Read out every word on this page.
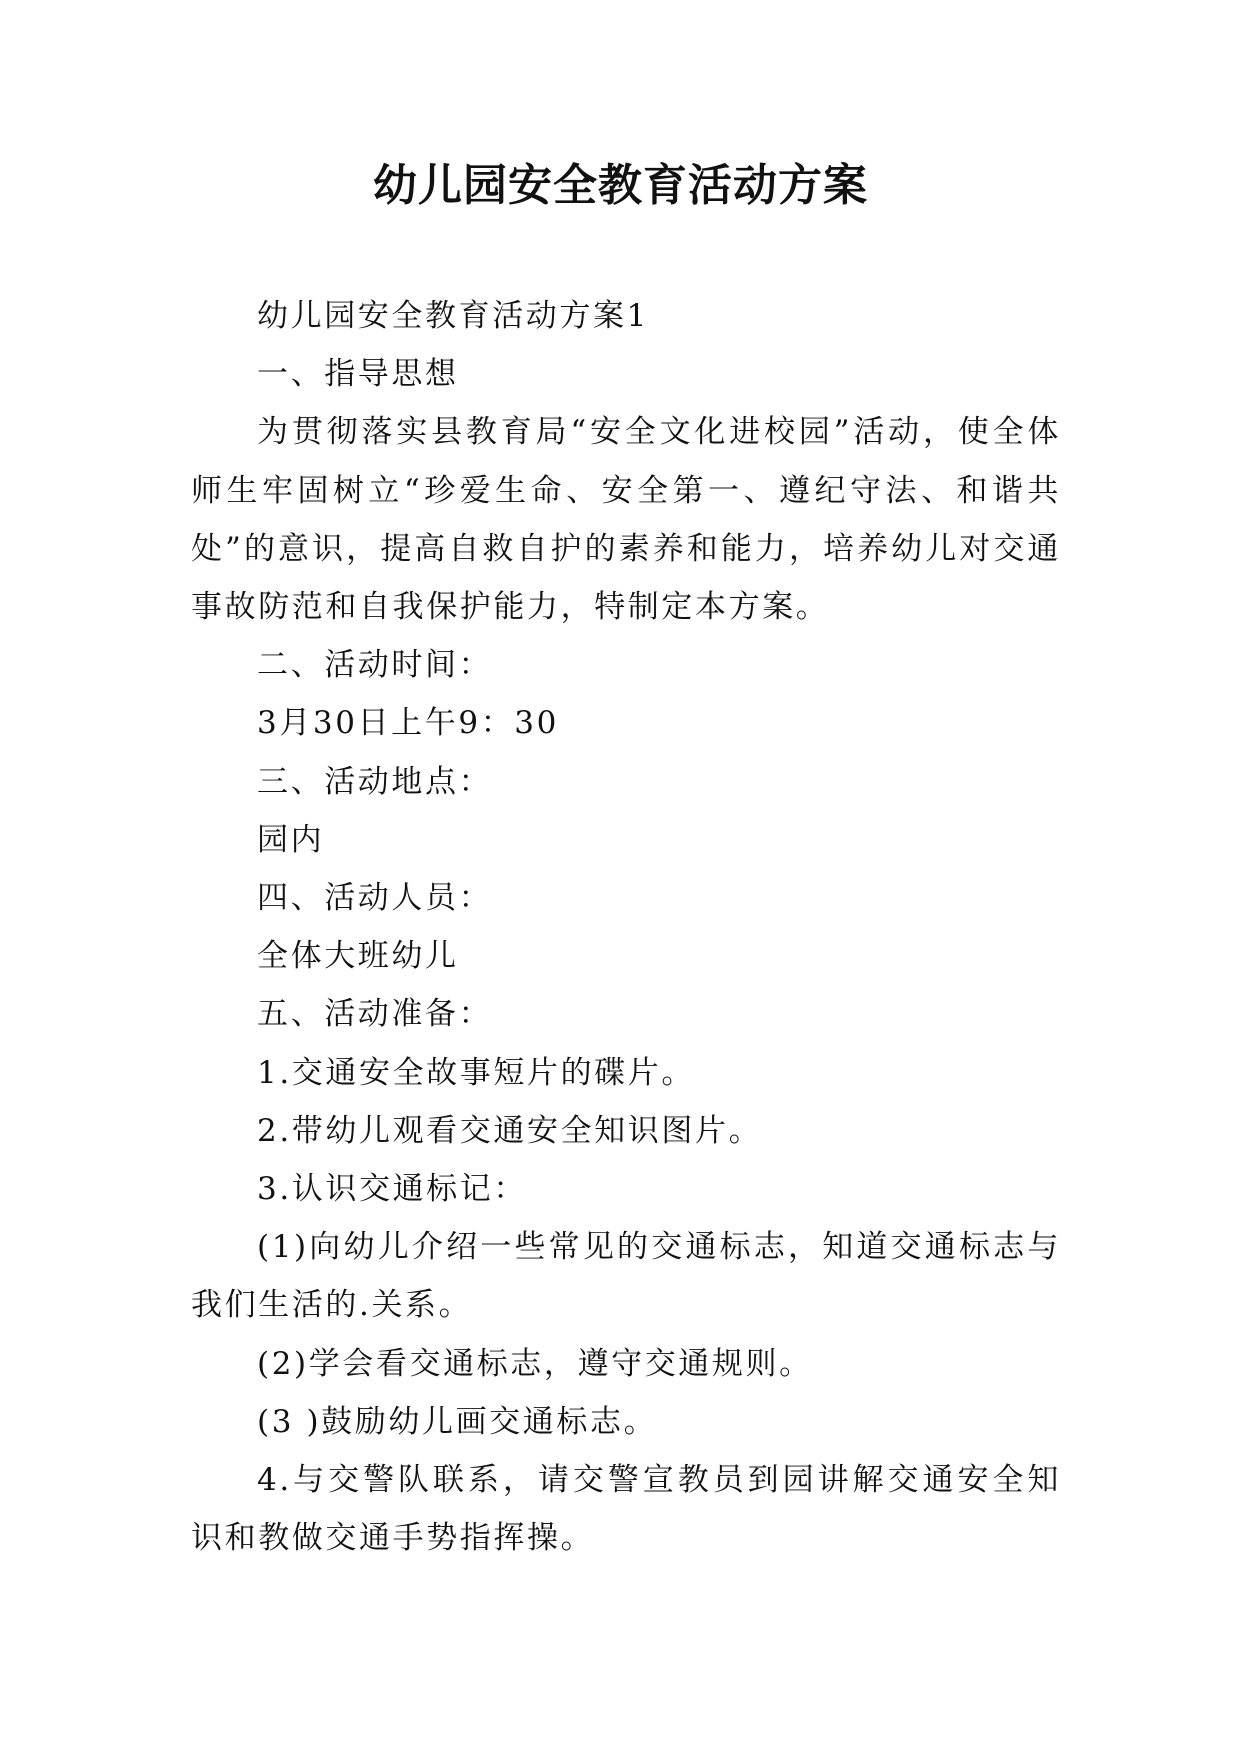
幼儿园安全教育活动方案

幼儿园安全教育活动方案1

一、指导思想

为贯彻落实县教育局“安全文化进校园”活动，使全体师生牢固树立“珍爱生命、安全第一、遵纪守法、和谐共处”的意识，提高自救自护的素养和能力，培养幼儿对交通事故防范和自我保护能力，特制定本方案。

二、活动时间：

3月30日上午9：30

三、活动地点：

园内

四、活动人员：

全体大班幼儿

五、活动准备：

1.交通安全故事短片的碟片。

2.带幼儿观看交通安全知识图片。

3.认识交通标记：

(1)向幼儿介绍一些常见的交通标志，知道交通标志与我们生活的.关系。

(2)学会看交通标志，遵守交通规则。

(3 )鼓励幼儿画交通标志。

4.与交警队联系，请交警宣教员到园讲解交通安全知识和教做交通手势指挥操。
